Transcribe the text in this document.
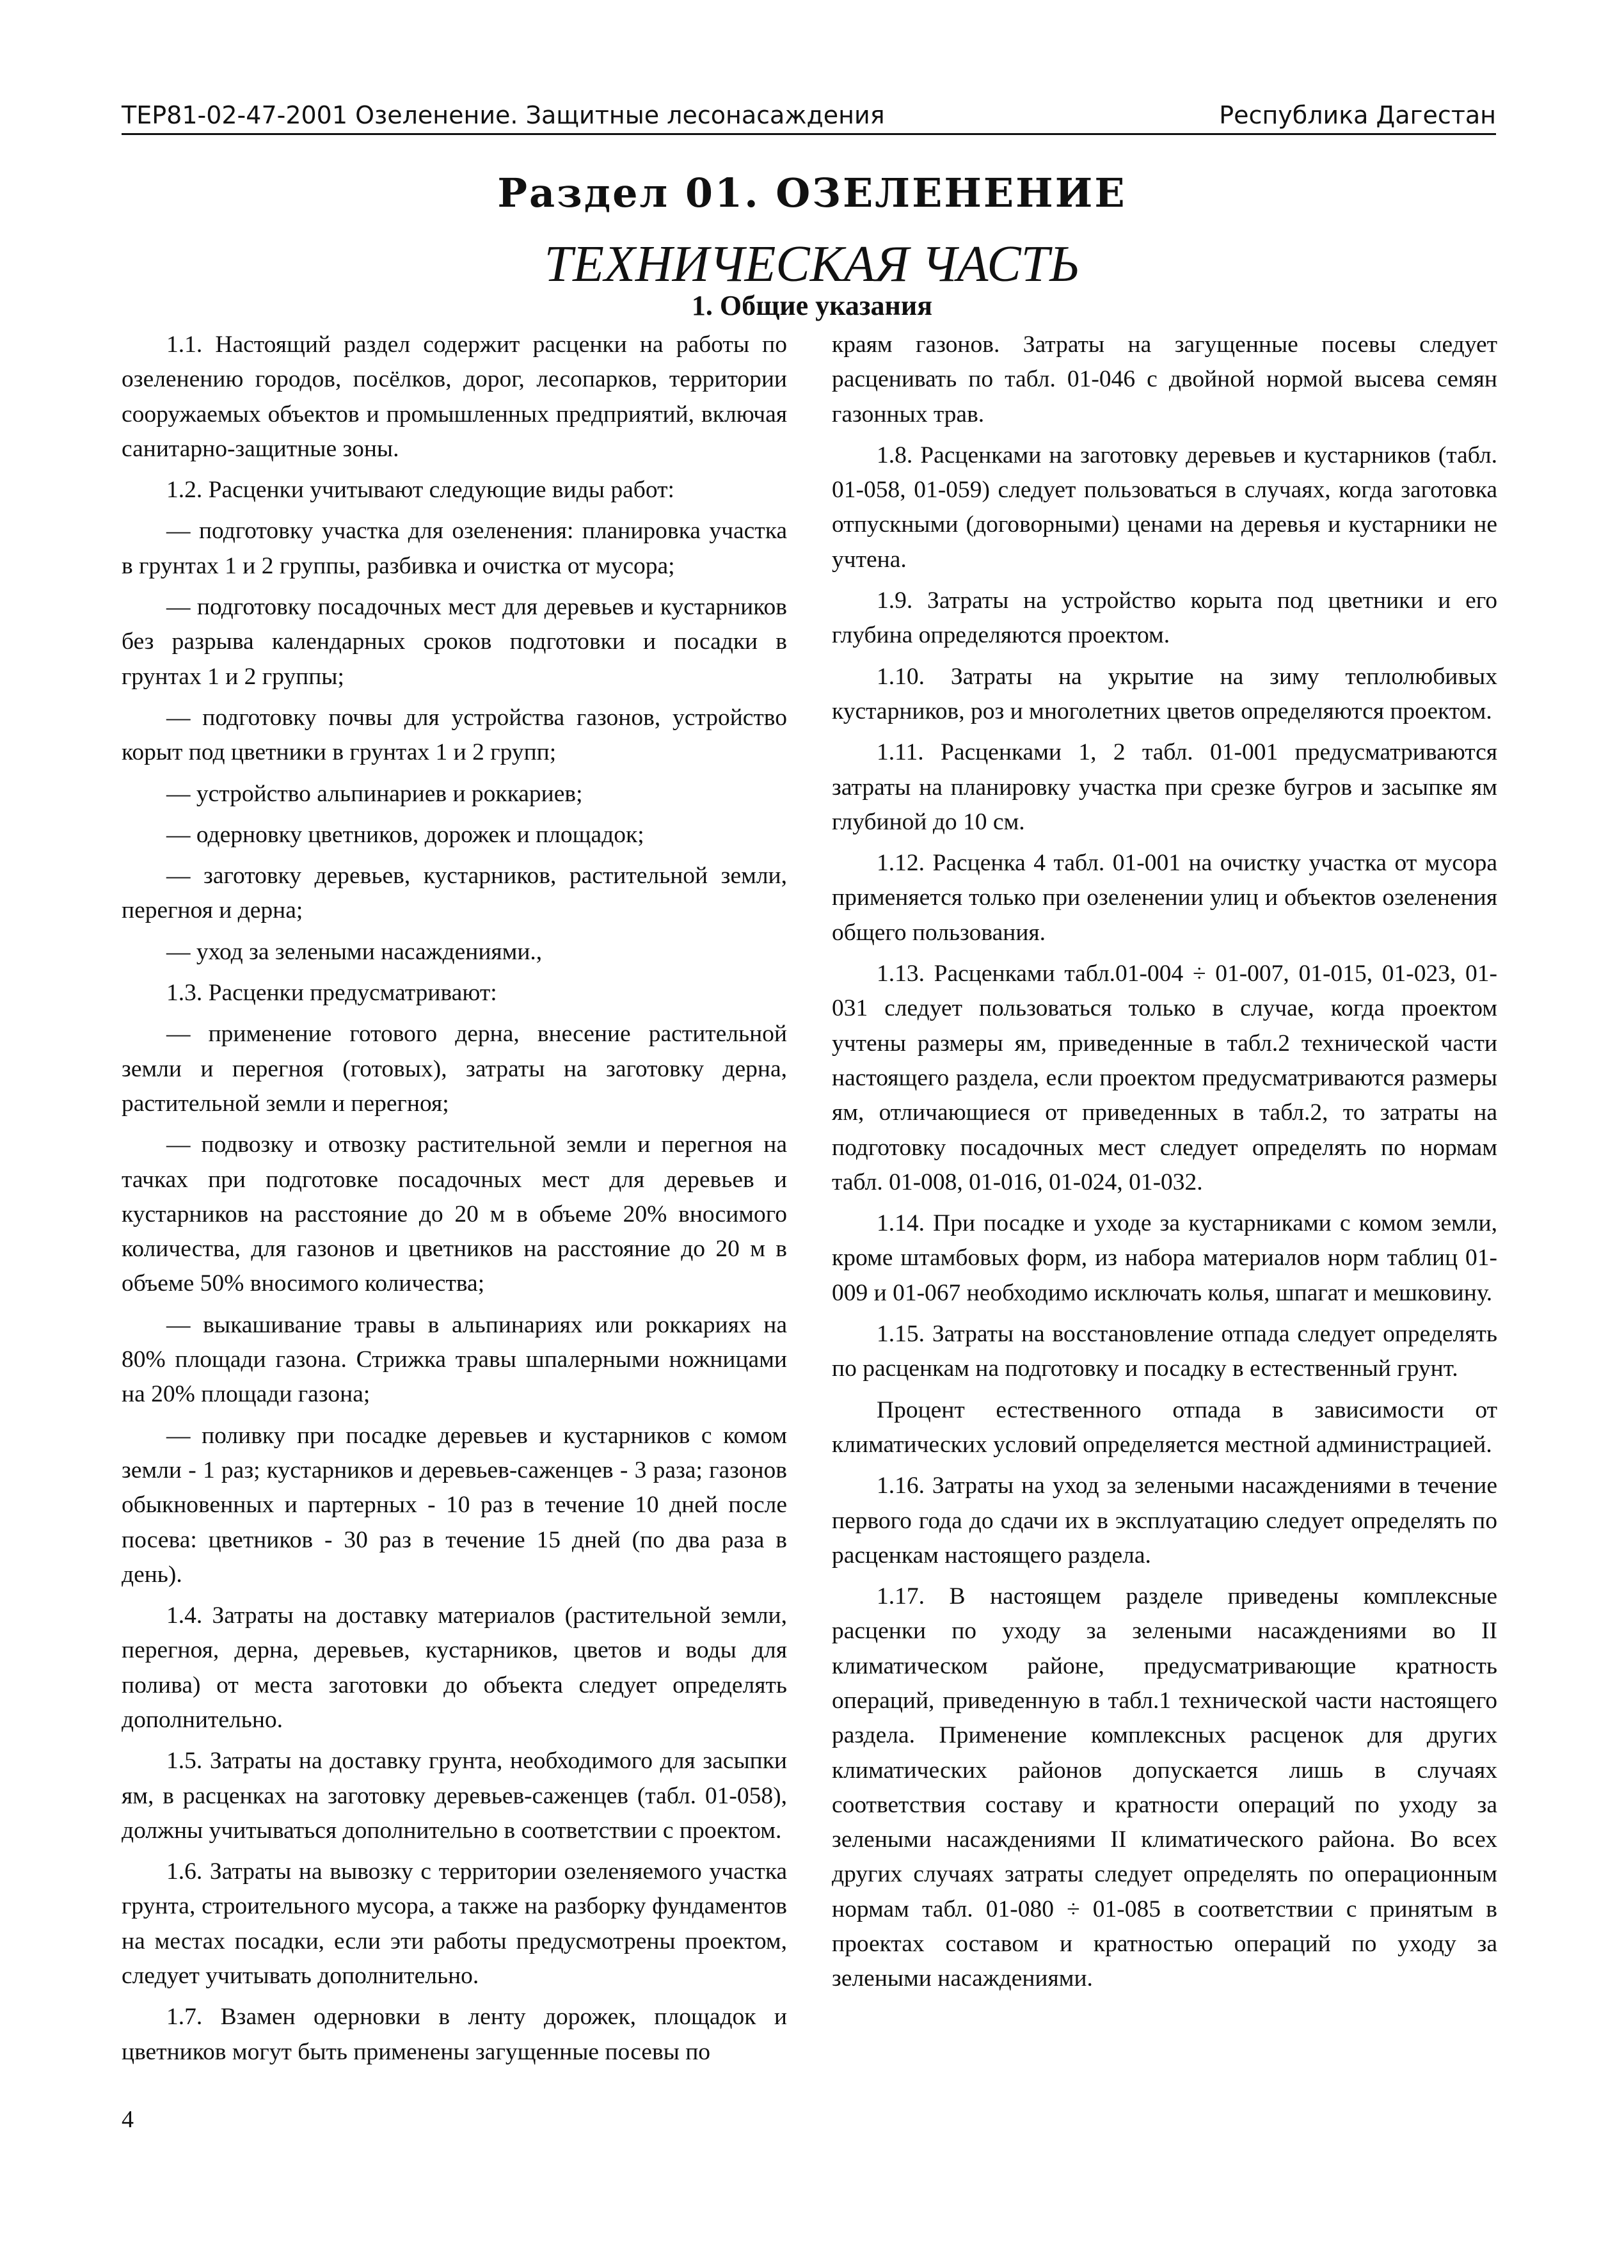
ТЕР81-02-47-2001 Озеленение. Защитные лесонасаждения	Республика Дагестан
Раздел 01. ОЗЕЛЕНЕНИЕ
ТЕХНИЧЕСКАЯ ЧАСТЬ
1. Общие указания

1.1. Настоящий раздел содержит расценки на работы по озеленению городов, посёлков, дорог, лесопарков, территории сооружаемых объектов и промышленных предприятий, включая санитарно-защитные зоны.

1.2. Расценки учитывают следующие виды работ:

— подготовку участка для озеленения: планировка участка в грунтах 1 и 2 группы, разбивка и очистка от мусора;

— подготовку посадочных мест для деревьев и кустарников без разрыва календарных сроков подготовки и посадки в грунтах 1 и 2 группы;

— подготовку почвы для устройства газонов, устройство корыт под цветники в грунтах 1 и 2 групп;

— устройство альпинариев и роккариев;

— одерновку цветников, дорожек и площадок;

— заготовку деревьев, кустарников, растительной земли, перегноя и дерна;

— уход за зелеными насаждениями.,

1.3. Расценки предусматривают:

— применение готового дерна, внесение растительной земли и перегноя (готовых), затраты на заготовку дерна, растительной земли и перегноя;

— подвозку и отвозку растительной земли и перегноя на тачках при подготовке посадочных мест для деревьев и кустарников на расстояние до 20 м в объеме 20% вносимого количества, для газонов и цветников на расстояние до 20 м в объеме 50% вносимого количества;

— выкашивание травы в альпинариях или роккариях на 80% площади газона. Стрижка травы шпалерными ножницами на 20% площади газона;

— поливку при посадке деревьев и кустарников с комом земли - 1 раз; кустарников и деревьев-саженцев - 3 раза; газонов обыкновенных и партерных - 10 раз в течение 10 дней после посева: цветников - 30 раз в течение 15 дней (по два раза в день).

1.4. Затраты на доставку материалов (растительной земли, перегноя, дерна, деревьев, кустарников, цветов и воды для полива) от места заготовки до объекта следует определять дополнительно.

1.5. Затраты на доставку грунта, необходимого для засыпки ям, в расценках на заготовку деревьев-саженцев (табл. 01-058), должны учитываться дополнительно в соответствии с проектом.

1.6. Затраты на вывозку с территории озеленяемого участка грунта, строительного мусора, а также на разборку фундаментов на местах посадки, если эти работы предусмотрены проектом, следует учитывать дополнительно.

1.7. Взамен одерновки в ленту дорожек, площадок и цветников могут быть применены загущенные посевы по

краям газонов. Затраты на загущенные посевы следует расценивать по табл. 01-046 с двойной нормой высева семян газонных трав.

1.8. Расценками на заготовку деревьев и кустарников (табл. 01-058, 01-059) следует пользоваться в случаях, когда заготовка отпускными (договорными) ценами на деревья и кустарники не учтена.

1.9. Затраты на устройство корыта под цветники и его глубина определяются проектом.

1.10. Затраты на укрытие на зиму теплолюбивых кустарников, роз и многолетних цветов определяются проектом.

1.11. Расценками 1, 2 табл. 01-001 предусматриваются затраты на планировку участка при срезке бугров и засыпке ям глубиной до 10 см.

1.12. Расценка 4 табл. 01-001 на очистку участка от мусора применяется только при озеленении улиц и объектов озеленения общего пользования.

1.13. Расценками табл.01-004 ÷ 01-007, 01-015, 01-023, 01-031 следует пользоваться только в случае, когда проектом учтены размеры ям, приведенные в табл.2 технической части настоящего раздела, если проектом предусматриваются размеры ям, отличающиеся от приведенных в табл.2, то затраты на подготовку посадочных мест следует определять по нормам табл. 01-008, 01-016, 01-024, 01-032.

1.14. При посадке и уходе за кустарниками с комом земли, кроме штамбовых форм, из набора материалов норм таблиц 01-009 и 01-067 необходимо исключать колья, шпагат и мешковину.

1.15. Затраты на восстановление отпада следует определять по расценкам на подготовку и посадку в естественный грунт.

Процент естественного отпада в зависимости от климатических условий определяется местной администрацией.

1.16. Затраты на уход за зелеными насаждениями в течение первого года до сдачи их в эксплуатацию следует определять по расценкам настоящего раздела.

1.17. В настоящем разделе приведены комплексные расценки по уходу за зелеными насаждениями во II климатическом районе, предусматривающие кратность операций, приведенную в табл.1 технической части настоящего раздела. Применение комплексных расценок для других климатических районов допускается лишь в случаях соответствия составу и кратности операций по уходу за зелеными насаждениями II климатического района. Во всех других случаях затраты следует определять по операционным нормам табл. 01-080 ÷ 01-085 в соответствии с принятым в проектах составом и кратностью операций по уходу за зелеными насаждениями.

4
